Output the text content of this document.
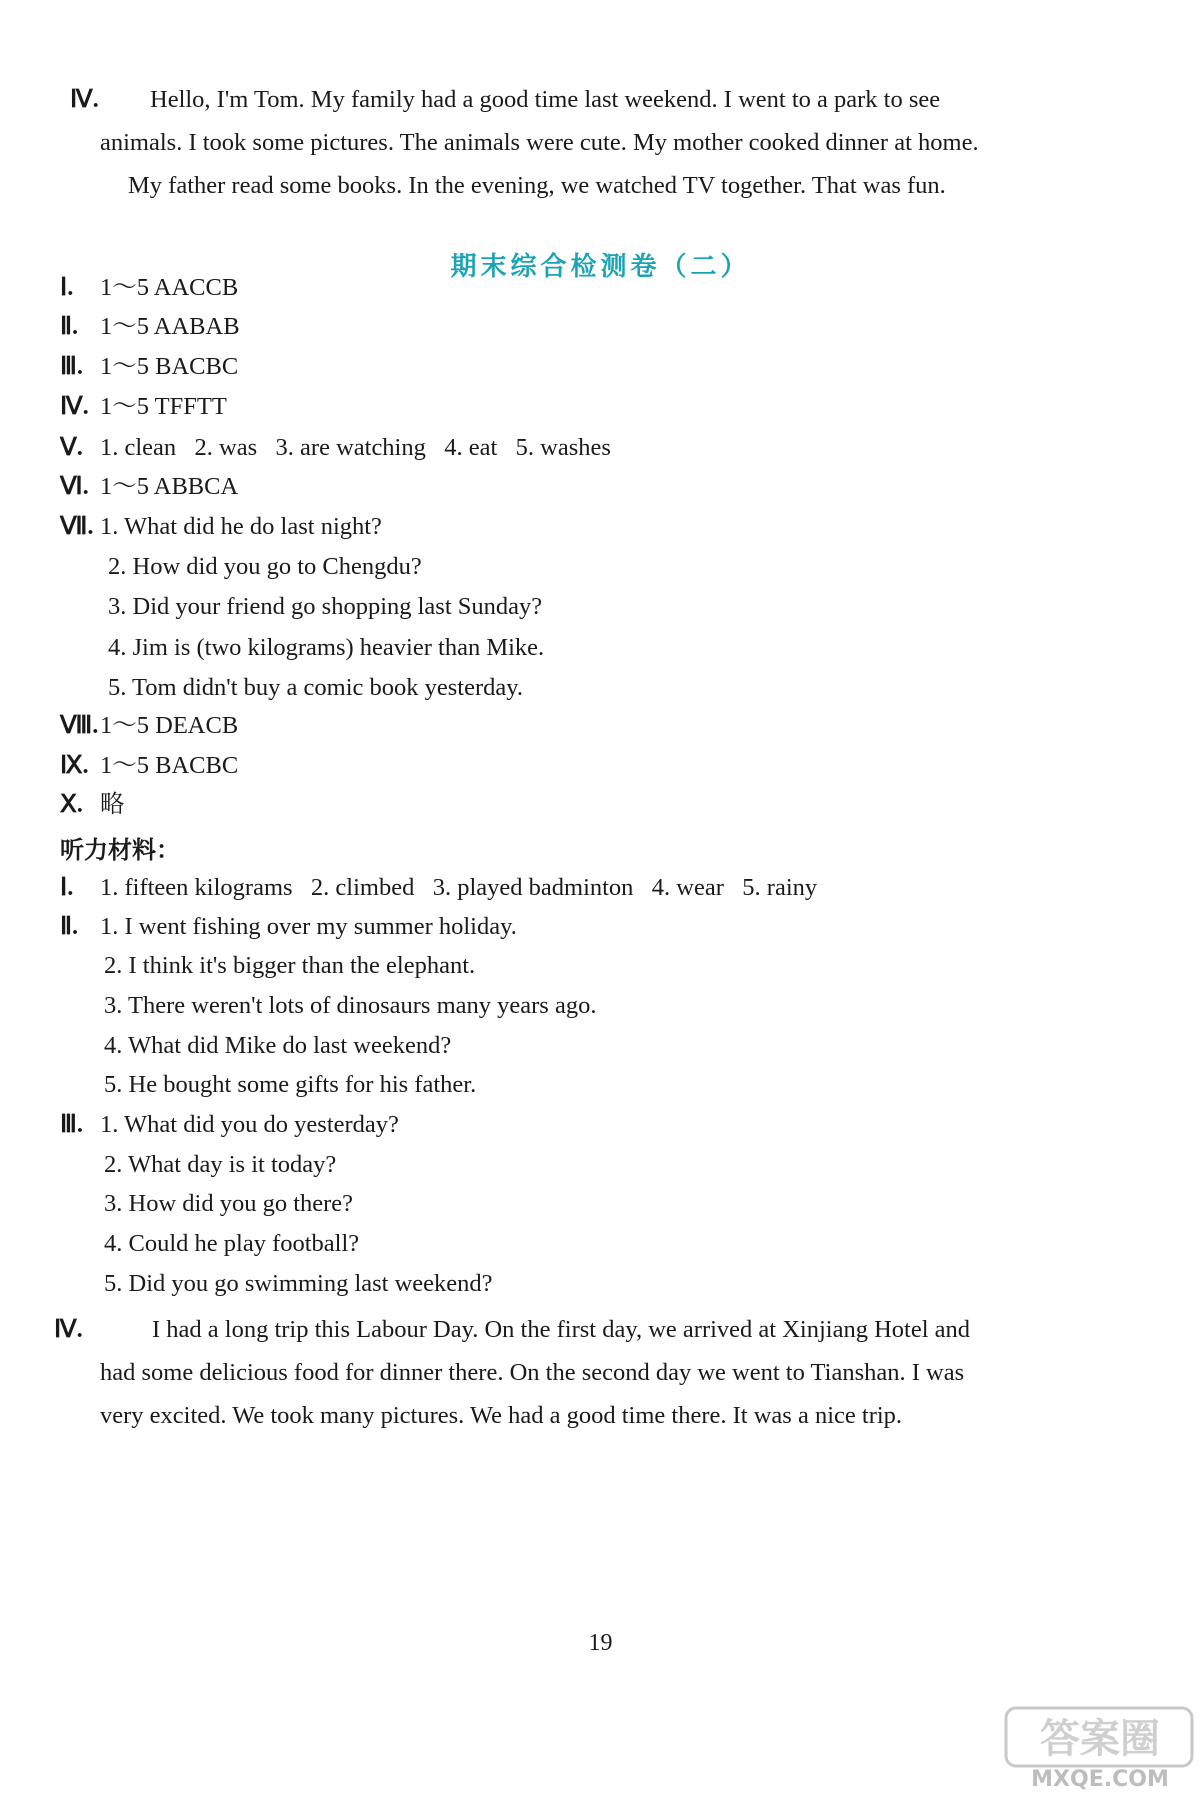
Ⅳ.	Hello, I'm Tom. My family had a good time last weekend. I went to a park to see
animals. I took some pictures. The animals were cute. My mother cooked dinner at home.
My father read some books. In the evening, we watched TV together. That was fun.
期末综合检测卷（二）
Ⅰ. 1～5 AACCB
Ⅱ. 1～5 AABAB
Ⅲ. 1～5 BACBC
Ⅳ. 1～5 TFFTT
Ⅴ. 1. clean   2. was   3. are watching   4. eat   5. washes
Ⅵ. 1～5 ABBCA
Ⅶ. 1. What did he do last night?
2. How did you go to Chengdu?
3. Did your friend go shopping last Sunday?
4. Jim is (two kilograms) heavier than Mike.
5. Tom didn't buy a comic book yesterday.
Ⅷ.1～5 DEACB
Ⅸ. 1～5 BACBC
Ⅹ. 略
听力材料：
Ⅰ. 1. fifteen kilograms   2. climbed   3. played badminton   4. wear   5. rainy
Ⅱ. 1. I went fishing over my summer holiday.
2. I think it's bigger than the elephant.
3. There weren't lots of dinosaurs many years ago.
4. What did Mike do last weekend?
5. He bought some gifts for his father.
Ⅲ. 1. What did you do yesterday?
2. What day is it today?
3. How did you go there?
4. Could he play football?
5. Did you go swimming last weekend?
Ⅳ.	I had a long trip this Labour Day. On the first day, we arrived at Xinjiang Hotel and
had some delicious food for dinner there. On the second day we went to Tianshan. I was
very excited. We took many pictures. We had a good time there. It was a nice trip.
19
答案圈
MXQE.COM
